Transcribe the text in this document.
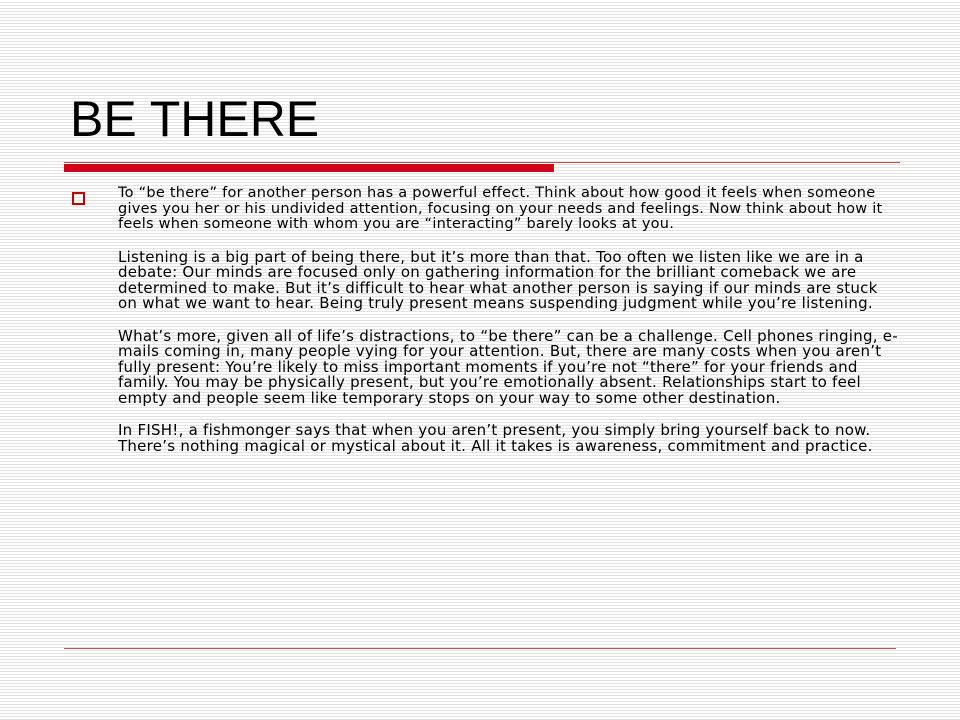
BE THERE

To “be there” for another person has a powerful effect. Think about how good it feels when someone gives you her or his undivided attention, focusing on your needs and feelings. Now think about how it feels when someone with whom you are “interacting” barely looks at you.

Listening is a big part of being there, but it’s more than that. Too often we listen like we are in a debate: Our minds are focused only on gathering information for the brilliant comeback we are determined to make. But it’s difficult to hear what another person is saying if our minds are stuck on what we want to hear. Being truly present means suspending judgment while you’re listening.

What’s more, given all of life’s distractions, to “be there” can be a challenge. Cell phones ringing, e-mails coming in, many people vying for your attention. But, there are many costs when you aren’t fully present: You’re likely to miss important moments if you’re not “there” for your friends and family. You may be physically present, but you’re emotionally absent. Relationships start to feel empty and people seem like temporary stops on your way to some other destination.

In FISH!, a fishmonger says that when you aren’t present, you simply bring yourself back to now. There’s nothing magical or mystical about it. All it takes is awareness, commitment and practice.
